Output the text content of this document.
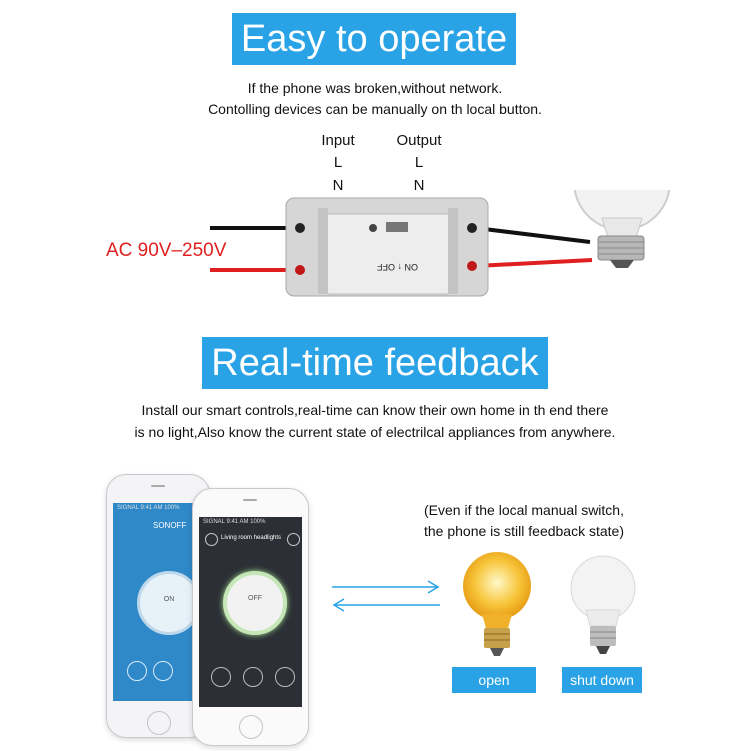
Easy to operate
If the phone was broken,without network.
Contolling devices can be manually on th local button.
Input	Output
L	L
N	N
ON ↑ OFF
AC 90V–250V
Real-time feedback
Install our smart controls,real-time can know their own home in th end there
is no light,Also know the current state of electrilcal appliances from anywhere.
(Even if the local manual switch,
the phone is still feedback state)
SIGNAL 9:41 AM 100%
SONOFF
ON
SIGNAL 9:41 AM 100%
Living room headlights
OFF
open	shut down
